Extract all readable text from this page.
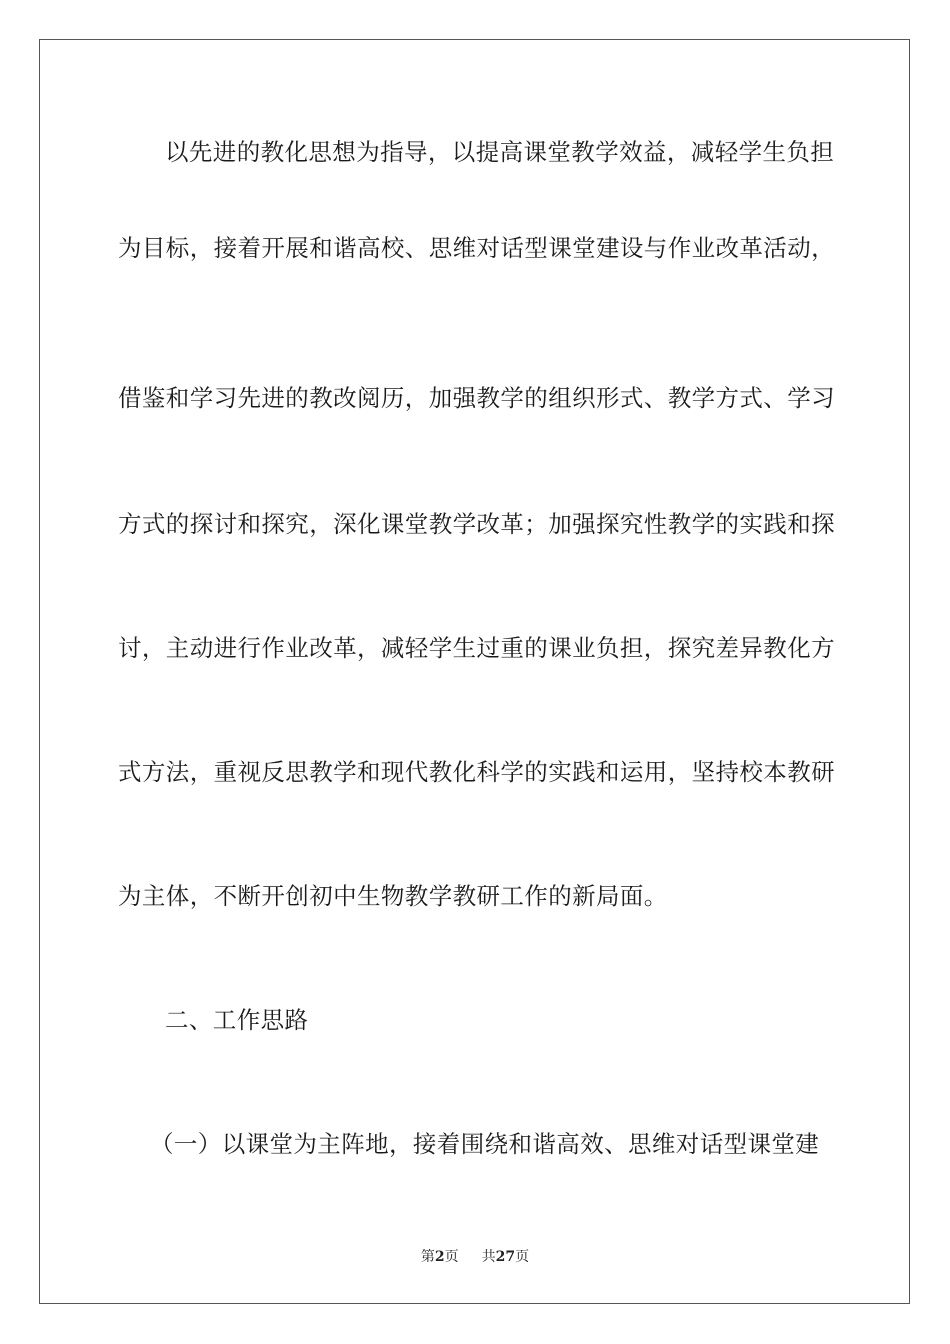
以先进的教化思想为指导，以提高课堂教学效益，减轻学生负担
为目标，接着开展和谐高校、思维对话型课堂建设与作业改革活动，
借鉴和学习先进的教改阅历，加强教学的组织形式、教学方式、学习
方式的探讨和探究，深化课堂教学改革；加强探究性教学的实践和探
讨，主动进行作业改革，减轻学生过重的课业负担，探究差异教化方
式方法，重视反思教学和现代教化科学的实践和运用，坚持校本教研
为主体，不断开创初中生物教学教研工作的新局面。
二、工作思路
（一）以课堂为主阵地，接着围绕和谐高效、思维对话型课堂建
第2页 共27页
